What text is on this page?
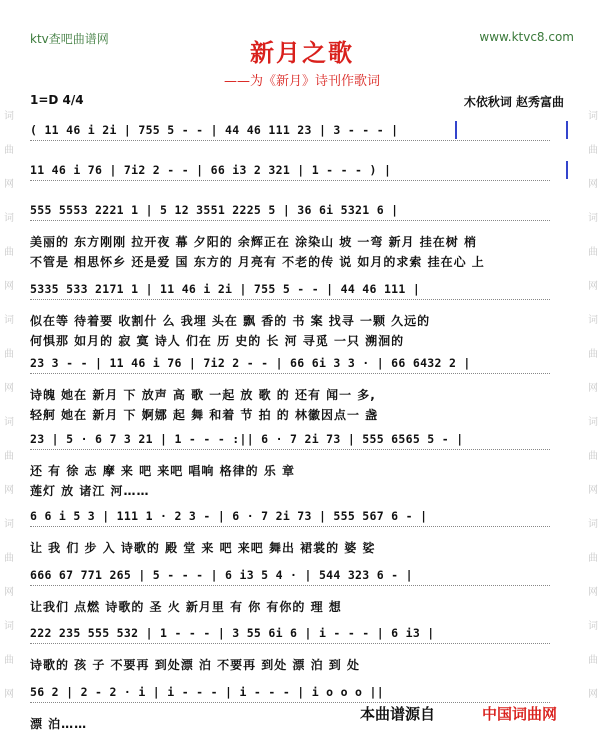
ktv查吧曲谱网	www.ktvc8.com
新月之歌
——为《新月》诗刊作歌词
1=D 4/4	木依秋词 赵秀富曲
词
曲
网
词
曲
网
词
曲
网
词
曲
网
词
曲
网
词
曲
网
词
曲
网
词
曲
网
词
曲
网
词
曲
网
词
曲
网
词
曲
网
( 11 46 i 2i | 755 5 - - | 44 46 111 23 | 3 - - - |
11 46 i 76 | 7i2 2 - - | 66 i3 2 321 | 1 - - - ) |
555 5553 2221 1 | 5 12 3551 2225 5 | 36 6i 5321 6 |
美丽的 东方刚刚 拉开夜 幕 夕阳的 余辉正在 涂染山 坡 一弯 新月 挂在树 梢
不管是 相思怀乡 还是爱 国 东方的 月亮有 不老的传 说 如月的求索 挂在心 上
5335 533 2171 1 | 11 46 i 2i | 755 5 - - | 44 46 111 |
似在等 待着要 收割什 么 我埋 头在 飘 香的 书 案 找寻 一颗 久远的
何惧那 如月的 寂 寞 诗人 们在 历 史的 长 河 寻觅 一只 溯洄的
23 3 - - | 11 46 i 76 | 7i2 2 - - | 66 6i 3 3 · | 66 6432 2 |
诗魄 她在 新月 下 放声 高 歌 一起 放 歌 的 还有 闻一 多,
轻舸 她在 新月 下 婀娜 起 舞 和着 节 拍 的 林徽因点一 盏
23 | 5 · 6 7 3 21 | 1 - - - :|| 6 · 7 2i 73 | 555 6565 5 - |
还 有 徐 志 摩 来 吧 来吧 唱响 格律的 乐 章
莲灯 放 诸江 河……
6 6 i 5 3 | 111 1 · 2 3 - | 6 · 7 2i 73 | 555 567 6 - |
让 我 们 步 入 诗歌的 殿 堂 来 吧 来吧 舞出 裙裳的 婆 娑
666 67 771 265 | 5 - - - | 6 i3 5 4 · | 544 323 6 - |
让我们 点燃 诗歌的 圣 火 新月里 有 你 有你的 理 想
222 235 555 532 | 1 - - - | 3 55 6i 6 | i - - - | 6 i3 |
诗歌的 孩 子 不要再 到处漂 泊 不要再 到处 漂 泊 到 处
56 2 | 2 - 2 · i | i - - - | i - - - | i o o o ||
漂 泊……
本曲谱源自	中国词曲网
